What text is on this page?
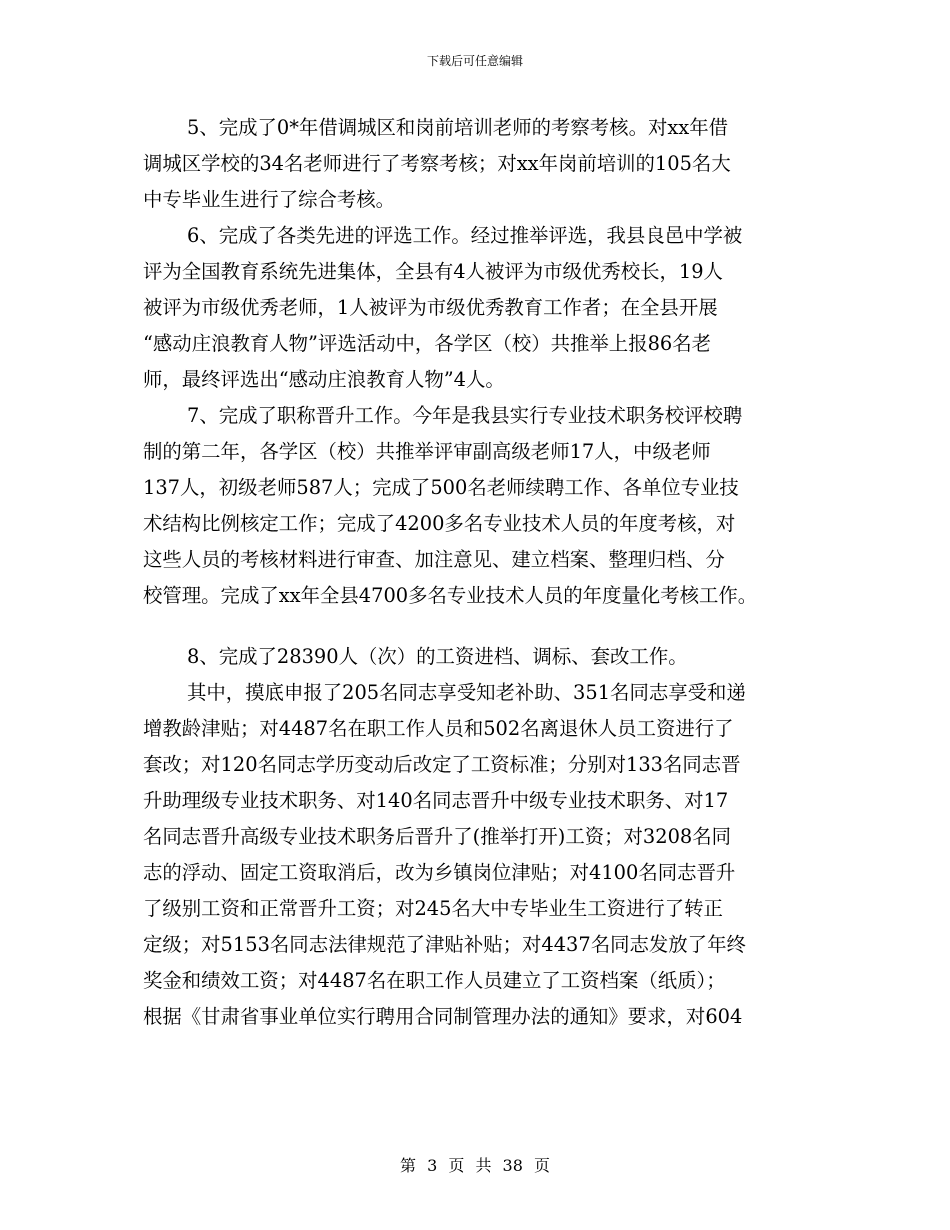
下载后可任意编辑
5、完成了0*年借调城区和岗前培训老师的考察考核。对xx年借
调城区学校的34名老师进行了考察考核；对xx年岗前培训的105名大
中专毕业生进行了综合考核。
6、完成了各类先进的评选工作。经过推举评选，我县良邑中学被
评为全国教育系统先进集体，全县有4人被评为市级优秀校长，19人
被评为市级优秀老师，1人被评为市级优秀教育工作者；在全县开展
“感动庄浪教育人物”评选活动中，各学区（校）共推举上报86名老
师，最终评选出“感动庄浪教育人物”4人。
7、完成了职称晋升工作。今年是我县实行专业技术职务校评校聘
制的第二年，各学区（校）共推举评审副高级老师17人，中级老师
137人，初级老师587人；完成了500名老师续聘工作、各单位专业技
术结构比例核定工作；完成了4200多名专业技术人员的年度考核，对
这些人员的考核材料进行审查、加注意见、建立档案、整理归档、分
校管理。完成了xx年全县4700多名专业技术人员的年度量化考核工作。
8、完成了28390人（次）的工资进档、调标、套改工作。
其中，摸底申报了205名同志享受知老补助、351名同志享受和递
增教龄津贴；对4487名在职工作人员和502名离退休人员工资进行了
套改；对120名同志学历变动后改定了工资标准；分别对133名同志晋
升助理级专业技术职务、对140名同志晋升中级专业技术职务、对17
名同志晋升高级专业技术职务后晋升了(推举打开)工资；对3208名同
志的浮动、固定工资取消后，改为乡镇岗位津贴；对4100名同志晋升
了级别工资和正常晋升工资；对245名大中专毕业生工资进行了转正
定级；对5153名同志法律规范了津贴补贴；对4437名同志发放了年终
奖金和绩效工资；对4487名在职工作人员建立了工资档案（纸质）；
根据《甘肃省事业单位实行聘用合同制管理办法的通知》要求，对604
第 3 页 共 38 页
